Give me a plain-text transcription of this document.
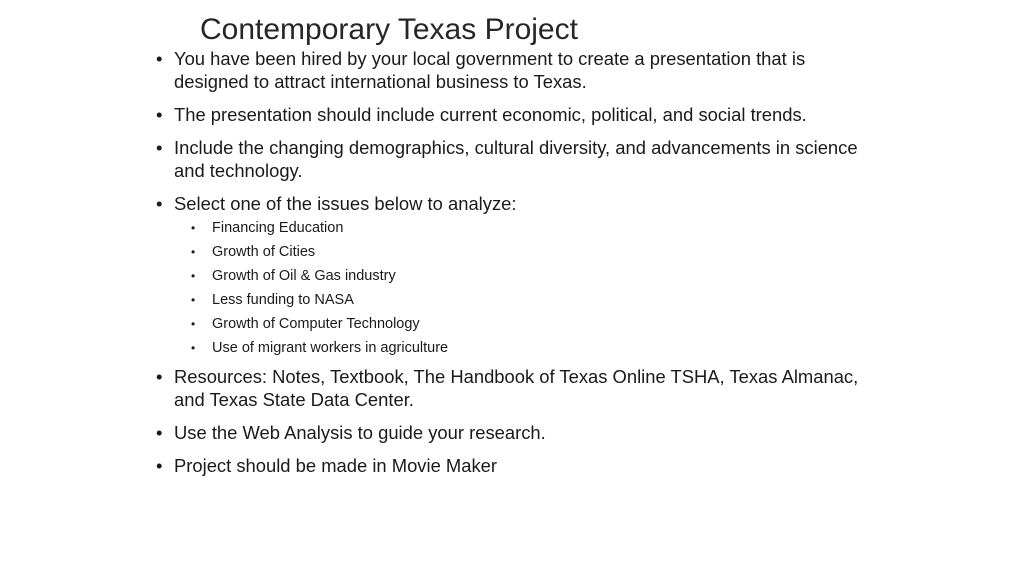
Contemporary Texas Project
• You have been hired by your local government to create a presentation that is designed to attract international business to Texas.
• The presentation should include current economic, political, and social trends.
• Include the changing demographics, cultural diversity, and advancements in science and technology.
• Select one of the issues below to analyze:
• Financing Education
• Growth of Cities
• Growth of Oil & Gas industry
• Less funding to NASA
• Growth of Computer Technology
• Use of migrant workers in agriculture
• Resources: Notes, Textbook, The Handbook of Texas Online TSHA, Texas Almanac, and Texas State Data Center.
• Use the Web Analysis to guide your research.
• Project should be made in Movie Maker
